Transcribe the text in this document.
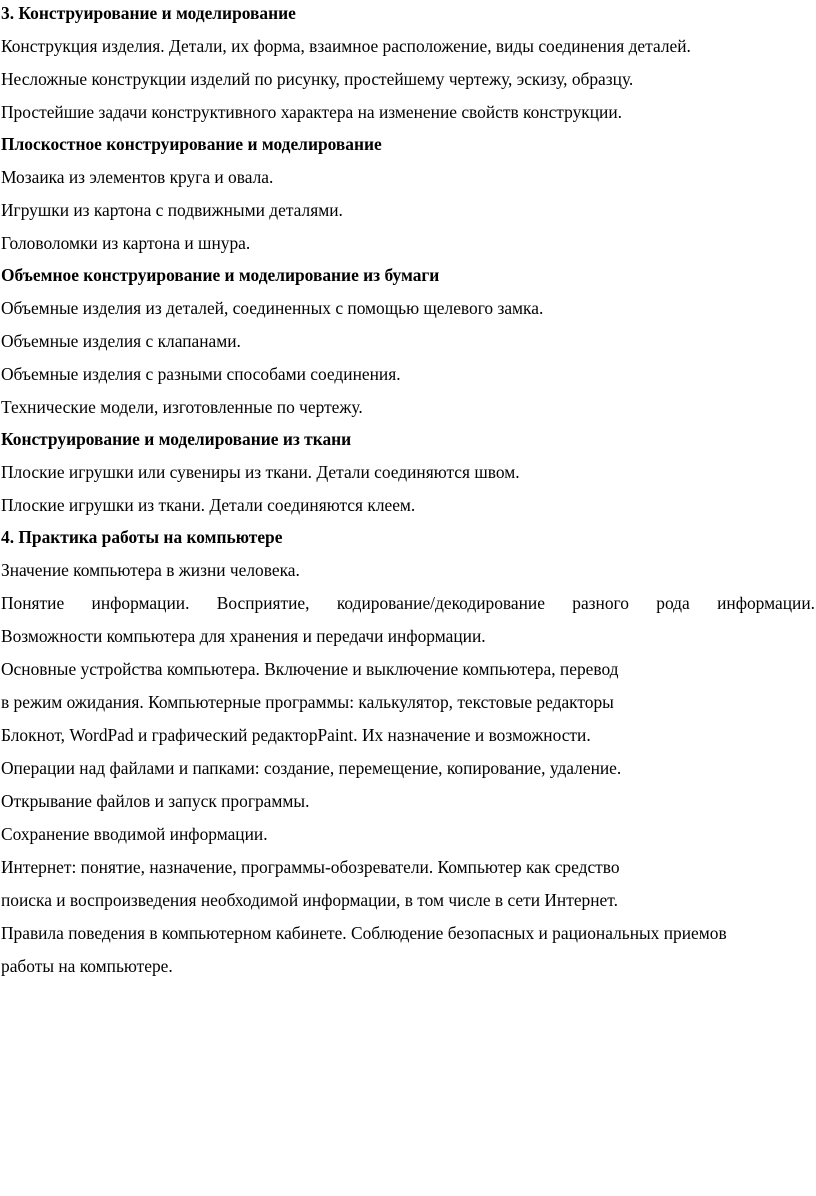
3. Конструирование и моделирование

Конструкция изделия. Детали, их форма, взаимное расположение, виды соединения деталей.

Несложные конструкции изделий по рисунку, простейшему чертежу, эскизу, образцу.

Простейшие задачи конструктивного характера на изменение свойств конструкции.

Плоскостное конструирование и моделирование

Мозаика из элементов круга и овала.

Игрушки из картона с подвижными деталями.

Головоломки из картона и шнура.

Объемное конструирование и моделирование из бумаги

Объемные изделия из деталей, соединенных с помощью щелевого замка.

Объемные изделия с клапанами.

Объемные изделия с разными способами соединения.

Технические модели, изготовленные по чертежу.

Конструирование и моделирование из ткани

Плоские игрушки или сувениры из ткани. Детали соединяются швом.

Плоские игрушки из ткани. Детали соединяются клеем.

4. Практика работы на компьютере

Значение компьютера в жизни человека.

Понятие информации. Восприятие, кодирование/декодирование разного рода информации.

Возможности компьютера для хранения и передачи информации.

Основные устройства компьютера. Включение и выключение компьютера, перевод

в режим ожидания. Компьютерные программы: калькулятор, текстовые редакторы

Блокнот, WordPad и графический редакторPaint. Их назначение и возможности.

Операции над файлами и папками: создание, перемещение, копирование, удаление.

Открывание файлов и запуск программы.

Сохранение вводимой информации.

Интернет: понятие, назначение, программы-обозреватели. Компьютер как средство

поиска и воспроизведения необходимой информации, в том числе в сети Интернет.

Правила поведения в компьютерном кабинете. Соблюдение безопасных и рациональных приемов

работы на компьютере.
